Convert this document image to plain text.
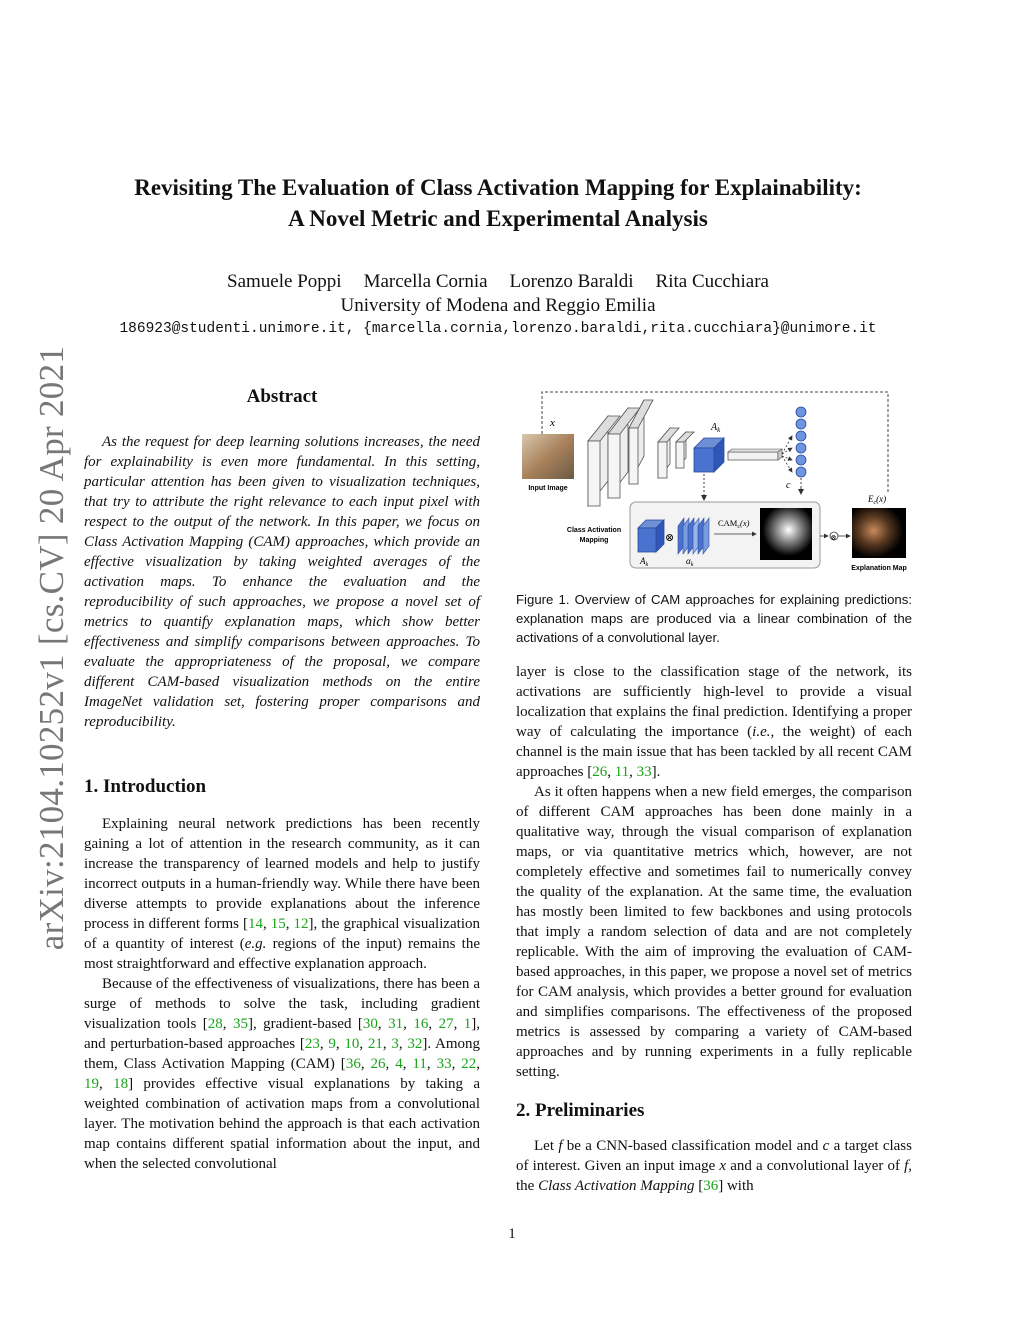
arXiv:2104.10252v1 [cs.CV] 20 Apr 2021
Revisiting The Evaluation of Class Activation Mapping for Explainability:
A Novel Metric and Experimental Analysis
Samuele Poppi Marcella Cornia Lorenzo Baraldi Rita Cucchiara
University of Modena and Reggio Emilia
186923@studenti.unimore.it, {marcella.cornia,lorenzo.baraldi,rita.cucchiara}@unimore.it
Abstract

As the request for deep learning solutions increases, the need for explainability is even more fundamental. In this setting, particular attention has been given to visualization techniques, that try to attribute the right relevance to each input pixel with respect to the output of the network. In this paper, we focus on Class Activation Mapping (CAM) approaches, which provide an effective visualization by taking weighted averages of the activation maps. To enhance the evaluation and the reproducibility of such approaches, we propose a novel set of metrics to quantify explanation maps, which show better effectiveness and simplify comparisons between approaches. To evaluate the appropriateness of the proposal, we compare different CAM-based visualization methods on the entire ImageNet validation set, fostering proper comparisons and reproducibility.

1. Introduction

Explaining neural network predictions has been recently gaining a lot of attention in the research community, as it can increase the transparency of learned models and help to justify incorrect outputs in a human-friendly way. While there have been diverse attempts to provide explanations about the inference process in different forms [14, 15, 12], the graphical visualization of a quantity of interest (e.g. regions of the input) remains the most straightforward and effective explanation approach.

Because of the effectiveness of visualizations, there has been a surge of methods to solve the task, including gradient visualization tools [28, 35], gradient-based [30, 31, 16, 27, 1], and perturbation-based approaches [23, 9, 10, 21, 3, 32]. Among them, Class Activation Mapping (CAM) [36, 26, 4, 11, 33, 22, 19, 18] provides effective visual explanations by taking a weighted combination of activation maps from a convolutional layer. The motivation behind the approach is that each activation map contains different spatial information about the input, and when the selected convolutional

x
Input Image
$A_k$
c
Class Activation
Mapping
$A_k$
⊗
$\alpha_k$
$CAM_c(x)$
⊗
$E_c(x)$
Explanation Map
Figure 1. Overview of CAM approaches for explaining predictions: explanation maps are produced via a linear combination of the activations of a convolutional layer.

layer is close to the classification stage of the network, its activations are sufficiently high-level to provide a visual localization that explains the final prediction. Identifying a proper way of calculating the importance (i.e., the weight) of each channel is the main issue that has been tackled by all recent CAM approaches [26, 11, 33].

As it often happens when a new field emerges, the comparison of different CAM approaches has been done mainly in a qualitative way, through the visual comparison of explanation maps, or via quantitative metrics which, however, are not completely effective and sometimes fail to numerically convey the quality of the explanation. At the same time, the evaluation has mostly been limited to few backbones and using protocols that imply a random selection of data and are not completely replicable. With the aim of improving the evaluation of CAM-based approaches, in this paper, we propose a novel set of metrics for CAM analysis, which provides a better ground for evaluation and simplifies comparisons. The effectiveness of the proposed metrics is assessed by comparing a variety of CAM-based approaches and by running experiments in a fully replicable setting.

2. Preliminaries

Let f be a CNN-based classification model and c a target class of interest. Given an input image x and a convolutional layer of f, the Class Activation Mapping [36] with

1
